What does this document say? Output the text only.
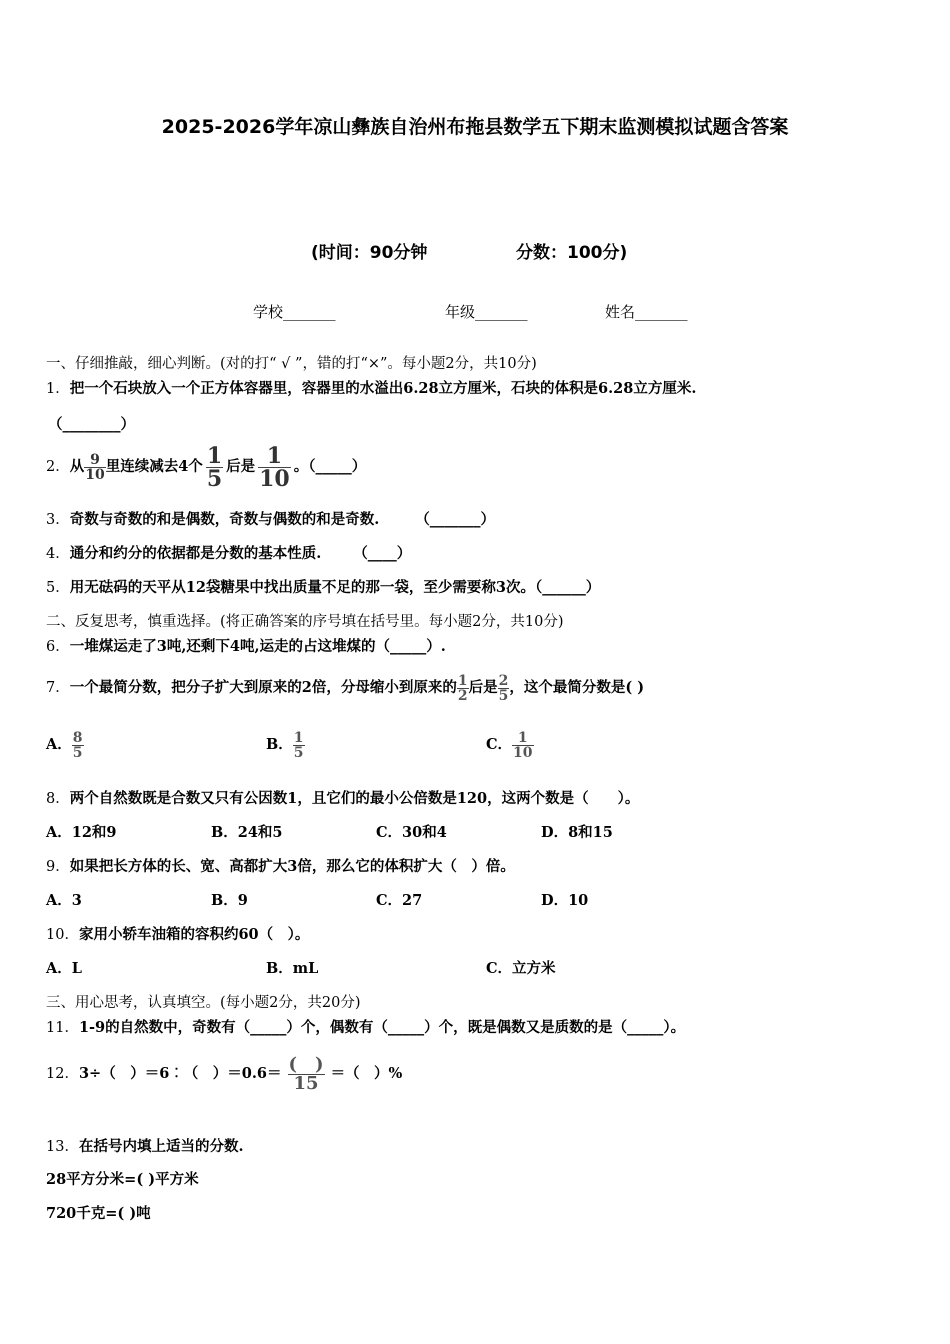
2025-2026学年凉山彝族自治州布拖县数学五下期末监测模拟试题含答案
(时间：90分钟	分数：100分)
学校_______	年级_______	姓名_______
一、仔细推敲，细心判断。(对的打“ √ ”，错的打“×”。每小题2分，共10分)
1．把一个石块放入一个正方体容器里，容器里的水溢出6.28立方厘米，石块的体积是6.28立方厘米.
（________）
2．从 $\frac{9}{10}$ 里连续减去4个 $\frac{1}{5}$ 后是 $\frac{1}{10}$ 。（_____）
3．奇数与奇数的和是偶数，奇数与偶数的和是奇数. （_______）
4．通分和约分的依据都是分数的基本性质. （____）
5．用无砝码的天平从12袋糖果中找出质量不足的那一袋，至少需要称3次。（______）
二、反复思考，慎重选择。(将正确答案的序号填在括号里。每小题2分，共10分)
6．一堆煤运走了3吨,还剩下4吨,运走的占这堆煤的（_____）.
7．一个最简分数，把分子扩大到原来的2倍，分母缩小到原来的 $\frac{1}{2}$ 后是 $\frac{2}{5}$ ，这个最简分数是( )
A． $\frac{8}{5}$	B． $\frac{1}{5}$	C． $\frac{1}{10}$
8．两个自然数既是合数又只有公因数1，且它们的最小公倍数是120，这两个数是（　　）。
A．12和9	B．24和5	C．30和4	D．8和15
9．如果把长方体的长、宽、高都扩大3倍，那么它的体积扩大（　）倍。
A．3	B．9	C．27	D．10
10．家用小轿车油箱的容积约60（　）。
A．L	B．mL	C．立方米
三、用心思考，认真填空。(每小题2分，共20分)
11．1-9的自然数中，奇数有（_____）个，偶数有（_____）个，既是偶数又是质数的是（_____）。
12．3÷（　）＝6︰（　）$=0.6= \frac{( )}{15}$ ＝（　）%
13．在括号内填上适当的分数.
28平方分米=( )平方米
720千克=( )吨
